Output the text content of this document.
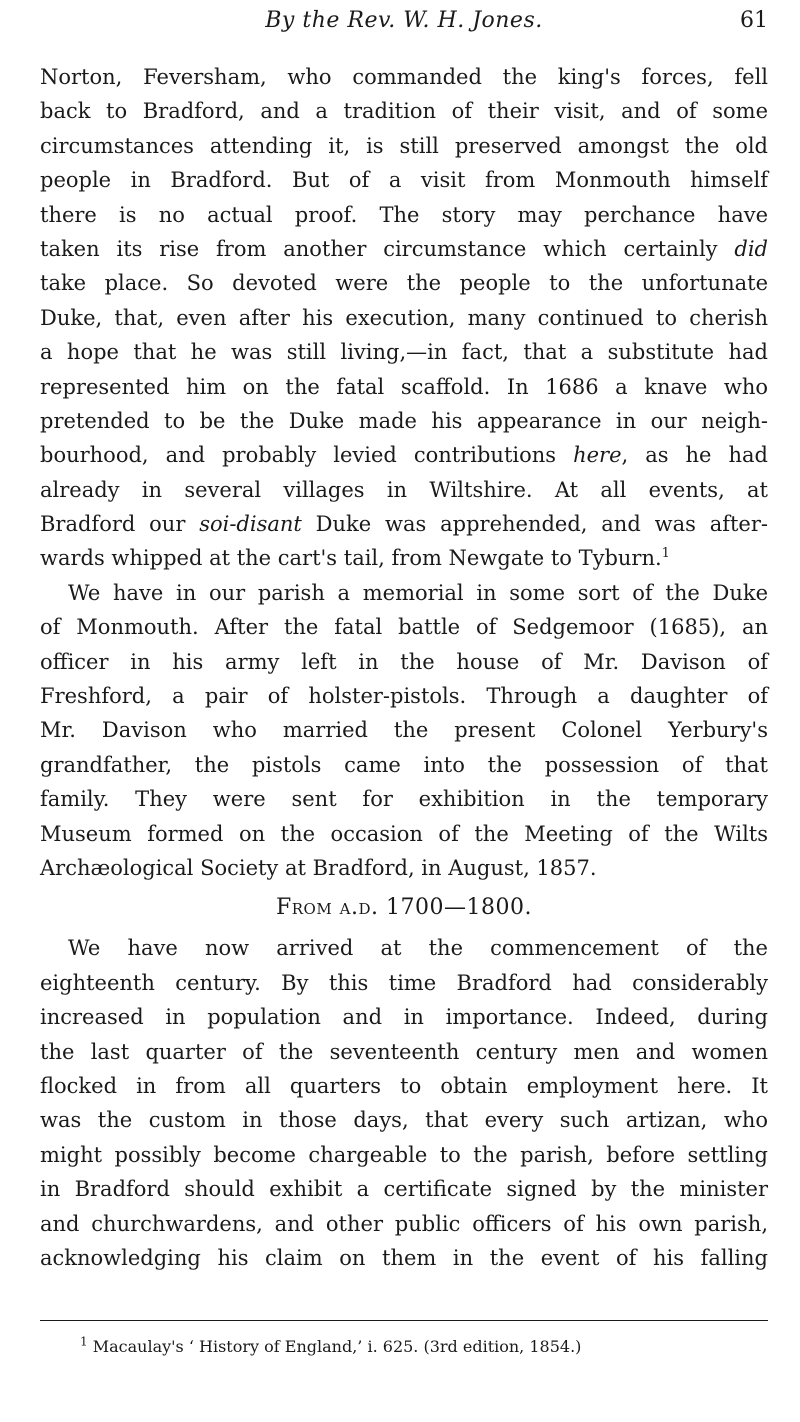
By the Rev. W. H. Jones.	61
Norton, Feversham, who commanded the king's forces, fell
back to Bradford, and a tradition of their visit, and of some
circumstances attending it, is still preserved amongst the old
people in Bradford. But of a visit from Monmouth himself
there is no actual proof. The story may perchance have
taken its rise from another circumstance which certainly did
take place. So devoted were the people to the unfortunate
Duke, that, even after his execution, many continued to cherish
a hope that he was still living,—in fact, that a substitute had
represented him on the fatal scaffold. In 1686 a knave who
pretended to be the Duke made his appearance in our neigh-
bourhood, and probably levied contributions here, as he had
already in several villages in Wiltshire. At all events, at
Bradford our soi-disant Duke was apprehended, and was after-
wards whipped at the cart's tail, from Newgate to Tyburn.$^1$
We have in our parish a memorial in some sort of the Duke
of Monmouth. After the fatal battle of Sedgemoor (1685), an
officer in his army left in the house of Mr. Davison of
Freshford, a pair of holster-pistols. Through a daughter of
Mr. Davison who married the present Colonel Yerbury's
grandfather, the pistols came into the possession of that
family. They were sent for exhibition in the temporary
Museum formed on the occasion of the Meeting of the Wilts
Archæological Society at Bradford, in August, 1857.
From a.d. 1700—1800.
We have now arrived at the commencement of the
eighteenth century. By this time Bradford had considerably
increased in population and in importance. Indeed, during
the last quarter of the seventeenth century men and women
flocked in from all quarters to obtain employment here. It
was the custom in those days, that every such artizan, who
might possibly become chargeable to the parish, before settling
in Bradford should exhibit a certificate signed by the minister
and churchwardens, and other public officers of his own parish,
acknowledging his claim on them in the event of his falling
$^1$ Macaulay's ‘ History of England,’ i. 625. (3rd edition, 1854.)
